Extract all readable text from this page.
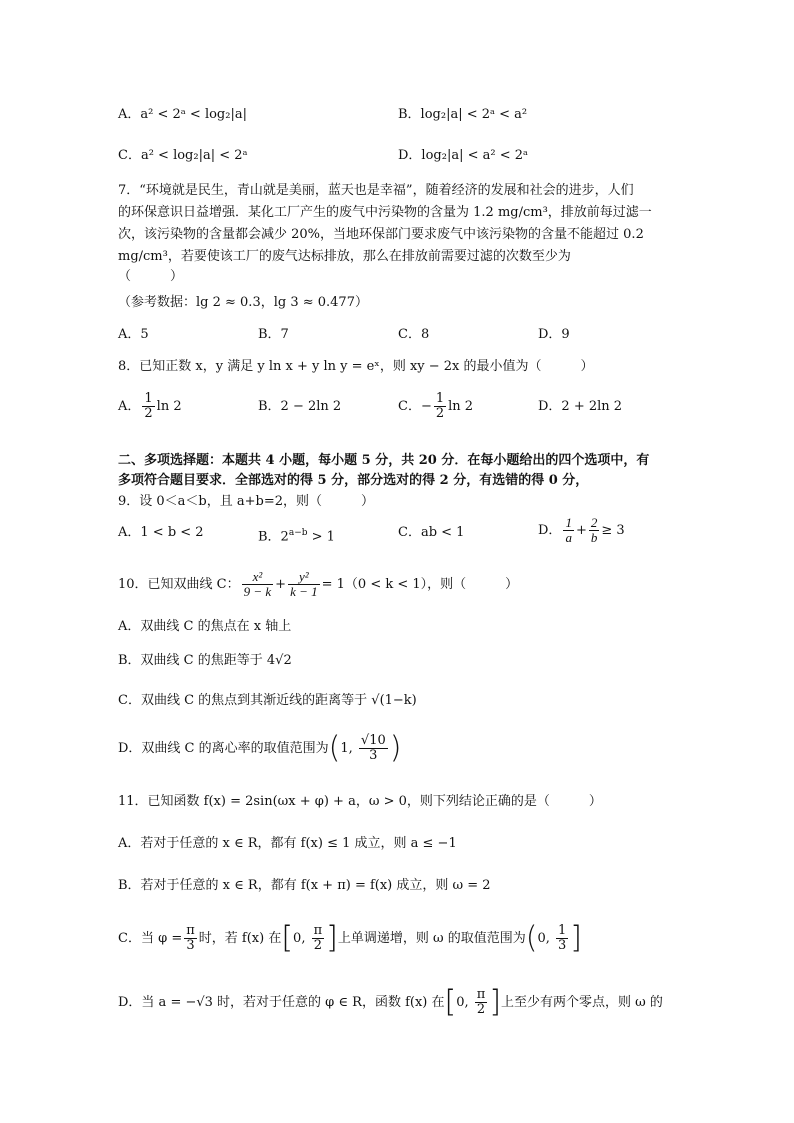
A．a² < 2ᵃ < log₂|a|	B．log₂|a| < 2ᵃ < a²
C．a² < log₂|a| < 2ᵃ	D．log₂|a| < a² < 2ᵃ
7．“环境就是民生，青山就是美丽，蓝天也是幸福”，随着经济的发展和社会的进步，人们
的环保意识日益增强．某化工厂产生的废气中污染物的含量为 1.2 mg/cm³，排放前每过滤一
次，该污染物的含量都会减少 20%，当地环保部门要求废气中该污染物的含量不能超过 0.2
mg/cm³，若要使该工厂的废气达标排放，那么在排放前需要过滤的次数至少为
（　　　）
（参考数据：lg 2 ≈ 0.3，lg 3 ≈ 0.477）
A．5	B．7	C．8	D．9
8．已知正数 x，y 满足 y ln x + y ln y = eˣ，则 xy − 2x 的最小值为（　　　）
A． $\frac{1}{2}$ ln 2	B．2 − 2ln 2	C．− $\frac{1}{2}$ ln 2	D．2 + 2ln 2
二、多项选择题：本题共 4 小题，每小题 5 分，共 20 分．在每小题给出的四个选项中，有
多项符合题目要求．全部选对的得 5 分，部分选对的得 2 分，有选错的得 0 分，
9．设 0＜a＜b，且 a+b=2，则（　　　）
A．1 < b < 2	B．$2^{a-b} > 1$	C．ab < 1	D． $\frac{1}{a} + \frac{2}{b} \ge 3$
10．已知双曲线 C： $\frac{\text{x²}}{9 - k} + \frac{\text{y²}}{k - 1} = 1(0 < k < 1)$，则（　　　）
A．双曲线 C 的焦点在 x 轴上
B．双曲线 C 的焦距等于 4√2
C．双曲线 C 的焦点到其渐近线的距离等于 √(1−k)
D．双曲线 C 的离心率的取值范围为(1, $\frac{√10}{3}$ )
11．已知函数 f(x) = 2sin(ωx + φ) + a，ω > 0，则下列结论正确的是（　　　）
A．若对于任意的 x ∈ R，都有 f(x) ≤ 1 成立，则 a ≤ −1
B．若对于任意的 x ∈ R，都有 f(x + π) = f(x) 成立，则 ω = 2
C．当 $\varphi = \frac{\pi}{3}$ 时，若 f(x) 在[0, $\frac{\pi}{2}$ ]上单调递增，则 ω 的取值范围为(0, $\frac{1}{3}$ ]
D．当 a = −√3 时，若对于任意的 φ ∈ R，函数 f(x) 在[0, $\frac{\pi}{2}$ ]上至少有两个零点，则 ω 的
